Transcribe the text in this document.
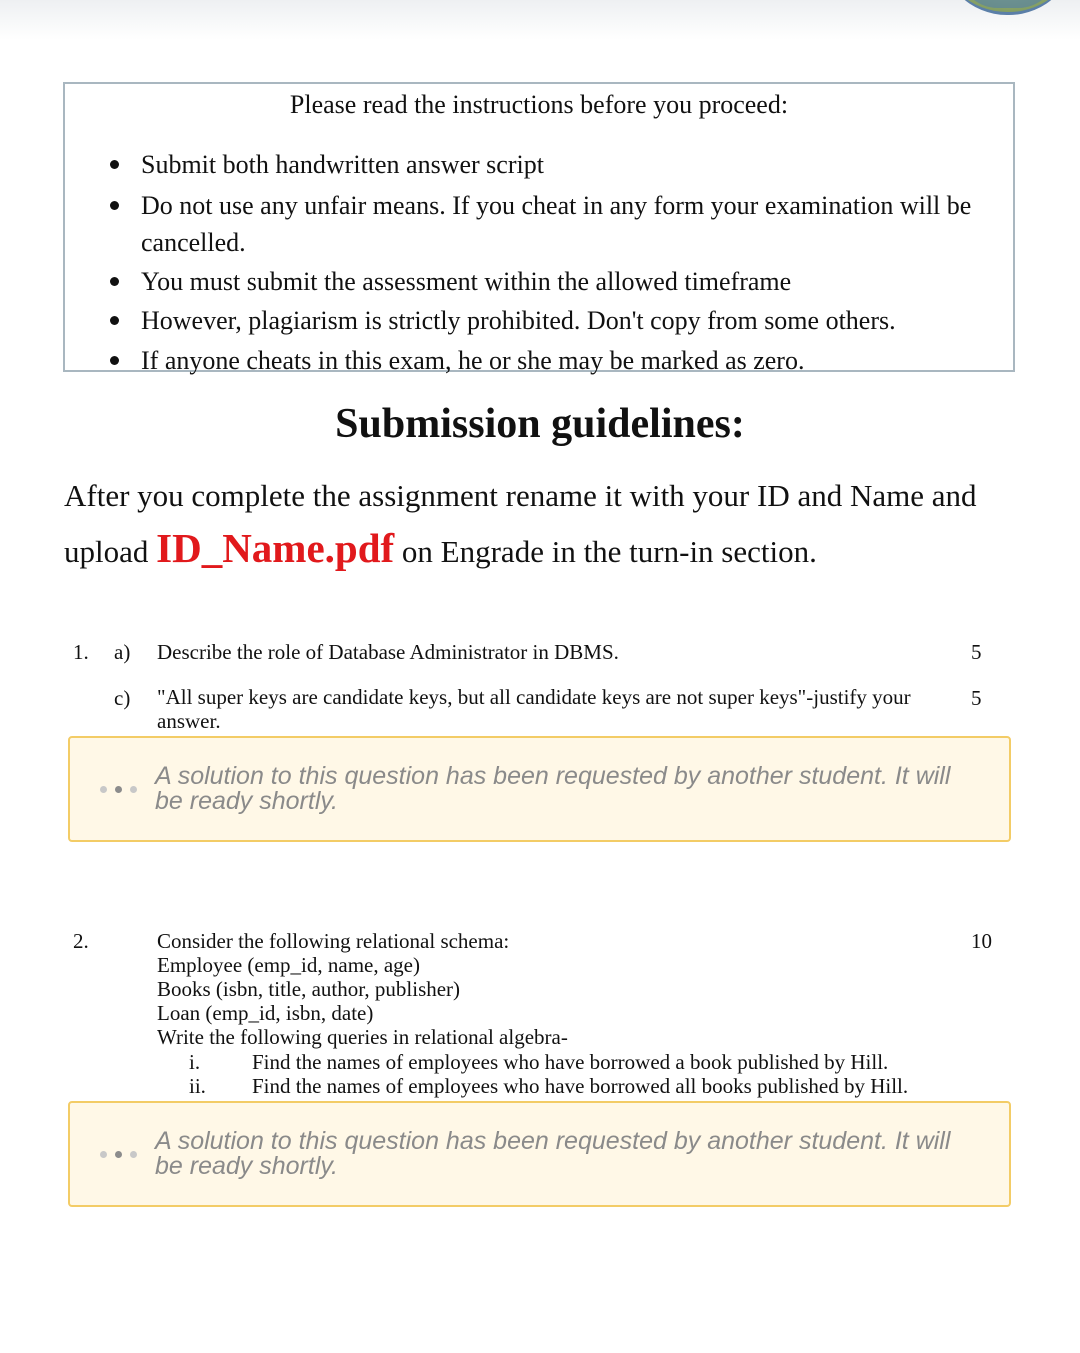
Please read the instructions before you proceed:
Submit both handwritten answer script
Do not use any unfair means. If you cheat in any form your examination will be cancelled.
You must submit the assessment within the allowed timeframe
However, plagiarism is strictly prohibited. Don't copy from some others.
If anyone cheats in this exam, he or she may be marked as zero.
Submission guidelines:
After you complete the assignment rename it with your ID and Name and upload ID_Name.pdf on Engrade in the turn-in section.
1. a) Describe the role of Database Administrator in DBMS.	5
c) "All super keys are candidate keys, but all candidate keys are not super keys"-justify your answer.
5
A solution to this question has been requested by another student. It will be ready shortly.
2.	10
Consider the following relational schema:
Employee (emp_id, name, age)
Books (isbn, title, author, publisher)
Loan (emp_id, isbn, date)
Write the following queries in relational algebra-
i. Find the names of employees who have borrowed a book published by Hill.
ii. Find the names of employees who have borrowed all books published by Hill.
A solution to this question has been requested by another student. It will be ready shortly.
